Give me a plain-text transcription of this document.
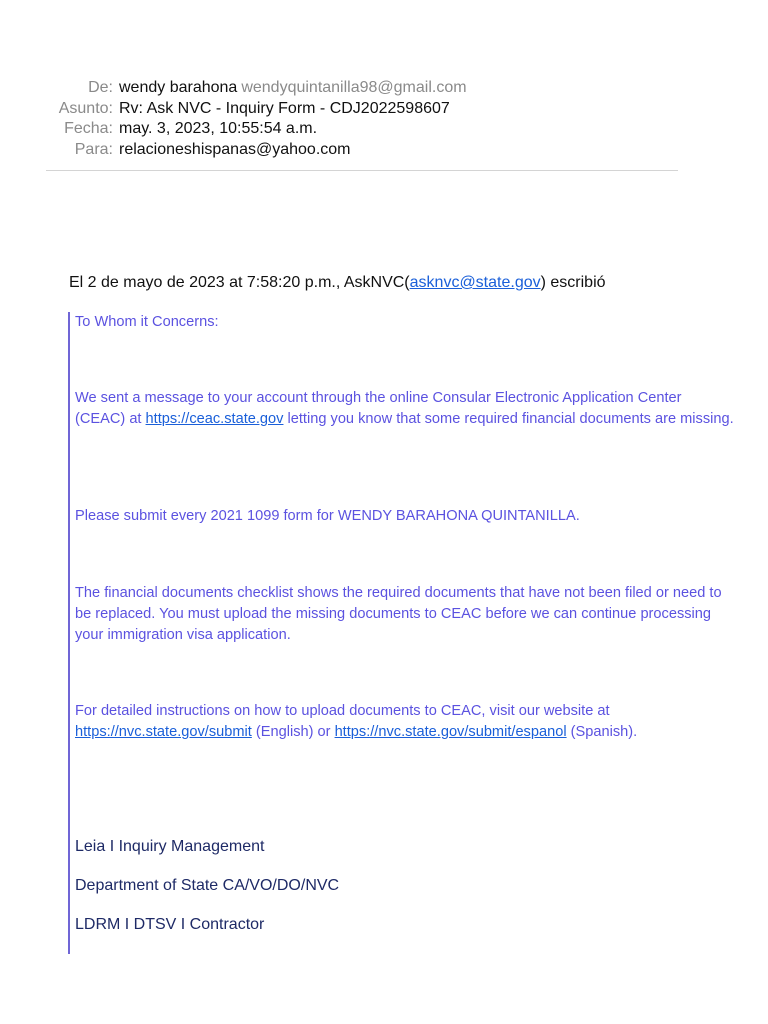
De: wendy barahona wendyquintanilla98@gmail.com
Asunto: Rv: Ask NVC - Inquiry Form - CDJ2022598607
Fecha: may. 3, 2023, 10:55:54 a.m.
Para: relacioneshispanas@yahoo.com
El 2 de mayo de 2023 at 7:58:20 p.m., AskNVC(asknvc@state.gov) escribió

To Whom it Concerns:

We sent a message to your account through the online Consular Electronic Application Center (CEAC) at https://ceac.state.gov letting you know that some required financial documents are missing.

Please submit every 2021 1099 form for WENDY BARAHONA QUINTANILLA.

The financial documents checklist shows the required documents that have not been filed or need to be replaced. You must upload the missing documents to CEAC before we can continue processing your immigration visa application.

For detailed instructions on how to upload documents to CEAC, visit our website at https://nvc.state.gov/submit (English) or https://nvc.state.gov/submit/espanol (Spanish).

Leia I Inquiry Management
Department of State CA/VO/DO/NVC
LDRM I DTSV I Contractor
